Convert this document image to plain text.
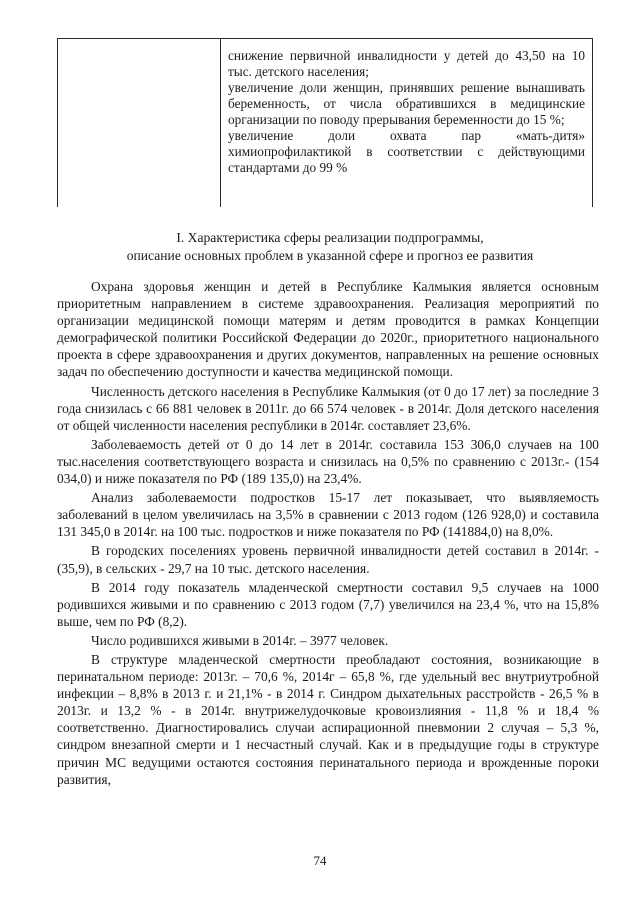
снижение первичной инвалидности у детей до 43,50 на 10 тыс. детского населения;

увеличение доли женщин, принявших решение вынашивать беременность, от числа обратившихся в медицинские организации по поводу прерывания беременности до 15 %;

увеличение доли охвата пар «мать-дитя» химиопрофилактикой в соответствии с действующими стандартами до 99 %

I. Характеристика сферы реализации подпрограммы,
описание основных проблем в указанной сфере и прогноз ее развития

Охрана здоровья женщин и детей в Республике Калмыкия является основным приоритетным направлением в системе здравоохранения. Реализация мероприятий по организации медицинской помощи матерям и детям проводится в рамках Концепции демографической политики Российской Федерации до 2020г., приоритетного национального проекта в сфере здравоохранения и других документов, направленных на решение основных задач по обеспечению доступности и качества медицинской помощи.

Численность детского населения в Республике Калмыкия (от 0 до 17 лет) за последние 3 года снизилась с 66 881 человек в 2011г. до 66 574 человек - в 2014г. Доля детского населения от общей численности населения республики в 2014г. составляет 23,6%.

Заболеваемость детей от 0 до 14 лет в 2014г. составила 153 306,0 случаев на 100 тыс.населения соответствующего возраста и снизилась на 0,5% по сравнению с 2013г.- (154 034,0) и ниже показателя по РФ (189 135,0) на 23,4%.

Анализ заболеваемости подростков 15-17 лет показывает, что выявляемость заболеваний в целом увеличилась на 3,5% в сравнении с 2013 годом (126 928,0) и составила 131 345,0 в 2014г. на 100 тыс. подростков и ниже показателя по РФ (141884,0) на 8,0%.

В городских поселениях уровень первичной инвалидности детей составил в 2014г. - (35,9), в сельских - 29,7 на 10 тыс. детского населения.

В 2014 году показатель младенческой смертности составил 9,5 случаев на 1000 родившихся живыми и по сравнению с 2013 годом (7,7) увеличился на 23,4 %, что на 15,8% выше, чем по РФ (8,2).

Число родившихся живыми в 2014г. – 3977 человек.

В структуре младенческой смертности преобладают состояния, возникающие в перинатальном периоде: 2013г. – 70,6 %, 2014г – 65,8 %, где удельный вес внутриутробной инфекции – 8,8% в 2013 г. и 21,1% - в 2014 г. Синдром дыхательных расстройств - 26,5 % в 2013г. и 13,2 % - в 2014г. внутрижелудочковые кровоизлияния - 11,8 % и 18,4 % соответственно. Диагностировались случаи аспирационной пневмонии 2 случая – 5,3 %, синдром внезапной смерти и 1 несчастный случай. Как и в предыдущие годы в структуре причин МС ведущими остаются состояния перинатального периода и врожденные пороки развития,

74
